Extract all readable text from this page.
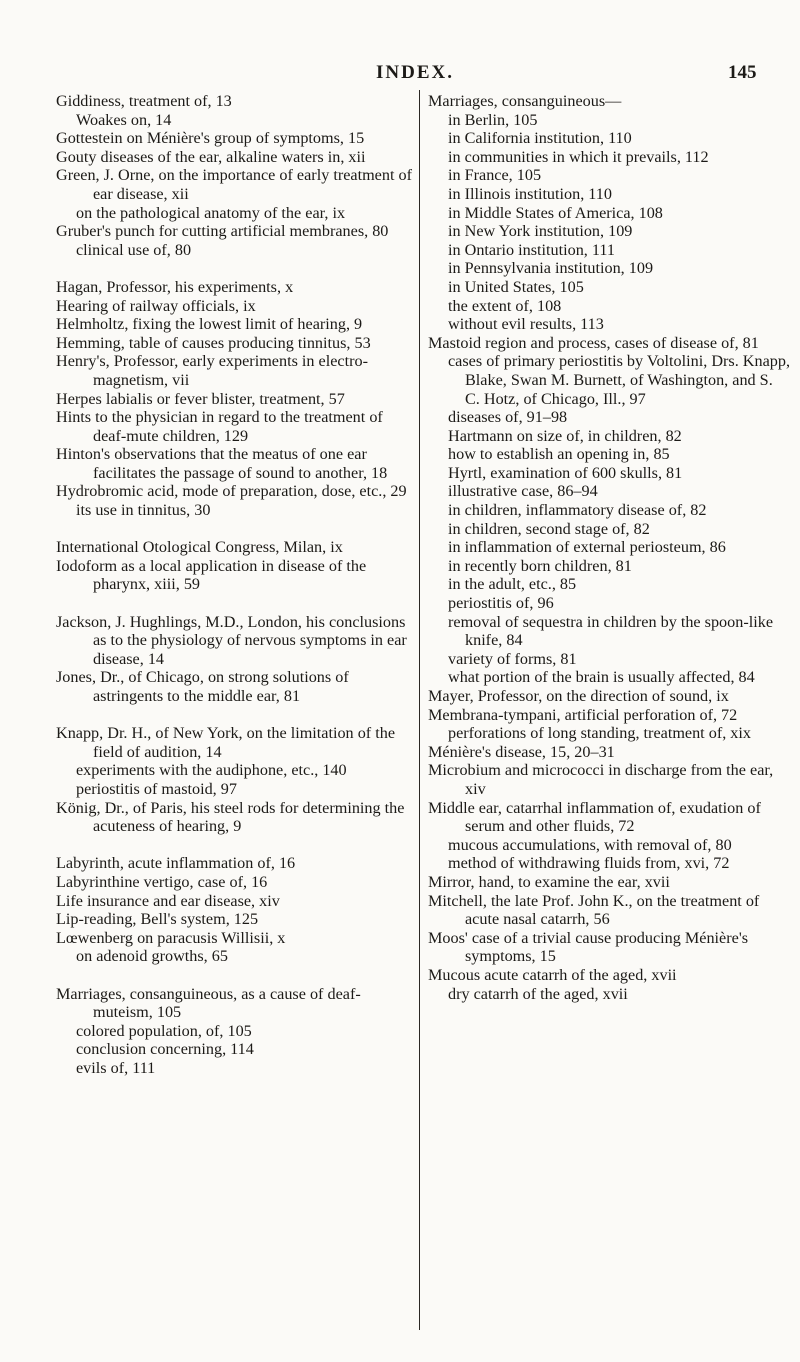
INDEX.	145

Giddiness, treatment of, 13

Woakes on, 14

Gottestein on Ménière's group of symptoms, 15

Gouty diseases of the ear, alkaline waters in, xii

Green, J. Orne, on the importance of early treatment of ear disease, xii

on the pathological anatomy of the ear, ix

Gruber's punch for cutting artificial membranes, 80

clinical use of, 80

Hagan, Professor, his experiments, x

Hearing of railway officials, ix

Helmholtz, fixing the lowest limit of hearing, 9

Hemming, table of causes producing tinnitus, 53

Henry's, Professor, early experiments in electro-magnetism, vii

Herpes labialis or fever blister, treatment, 57

Hints to the physician in regard to the treatment of deaf-mute children, 129

Hinton's observations that the meatus of one ear facilitates the passage of sound to another, 18

Hydrobromic acid, mode of preparation, dose, etc., 29

its use in tinnitus, 30

International Otological Congress, Milan, ix

Iodoform as a local application in disease of the pharynx, xiii, 59

Jackson, J. Hughlings, M.D., London, his conclusions as to the physiology of nervous symptoms in ear disease, 14

Jones, Dr., of Chicago, on strong solutions of astringents to the middle ear, 81

Knapp, Dr. H., of New York, on the limitation of the field of audition, 14

experiments with the audiphone, etc., 140

periostitis of mastoid, 97

König, Dr., of Paris, his steel rods for determining the acuteness of hearing, 9

Labyrinth, acute inflammation of, 16

Labyrinthine vertigo, case of, 16

Life insurance and ear disease, xiv

Lip-reading, Bell's system, 125

Lœwenberg on paracusis Willisii, x

on adenoid growths, 65

Marriages, consanguineous, as a cause of deaf-muteism, 105

colored population, of, 105

conclusion concerning, 114

evils of, 111

Marriages, consanguineous—

in Berlin, 105

in California institution, 110

in communities in which it prevails, 112

in France, 105

in Illinois institution, 110

in Middle States of America, 108

in New York institution, 109

in Ontario institution, 111

in Pennsylvania institution, 109

in United States, 105

the extent of, 108

without evil results, 113

Mastoid region and process, cases of disease of, 81

cases of primary periostitis by Voltolini, Drs. Knapp, Blake, Swan M. Burnett, of Washington, and S. C. Hotz, of Chicago, Ill., 97

diseases of, 91–98

Hartmann on size of, in children, 82

how to establish an opening in, 85

Hyrtl, examination of 600 skulls, 81

illustrative case, 86–94

in children, inflammatory disease of, 82

in children, second stage of, 82

in inflammation of external periosteum, 86

in recently born children, 81

in the adult, etc., 85

periostitis of, 96

removal of sequestra in children by the spoon-like knife, 84

variety of forms, 81

what portion of the brain is usually affected, 84

Mayer, Professor, on the direction of sound, ix

Membrana-tympani, artificial perforation of, 72

perforations of long standing, treatment of, xix

Ménière's disease, 15, 20–31

Microbium and micrococci in discharge from the ear, xiv

Middle ear, catarrhal inflammation of, exudation of serum and other fluids, 72

mucous accumulations, with removal of, 80

method of withdrawing fluids from, xvi, 72

Mirror, hand, to examine the ear, xvii

Mitchell, the late Prof. John K., on the treatment of acute nasal catarrh, 56

Moos' case of a trivial cause producing Ménière's symptoms, 15

Mucous acute catarrh of the aged, xvii

dry catarrh of the aged, xvii
